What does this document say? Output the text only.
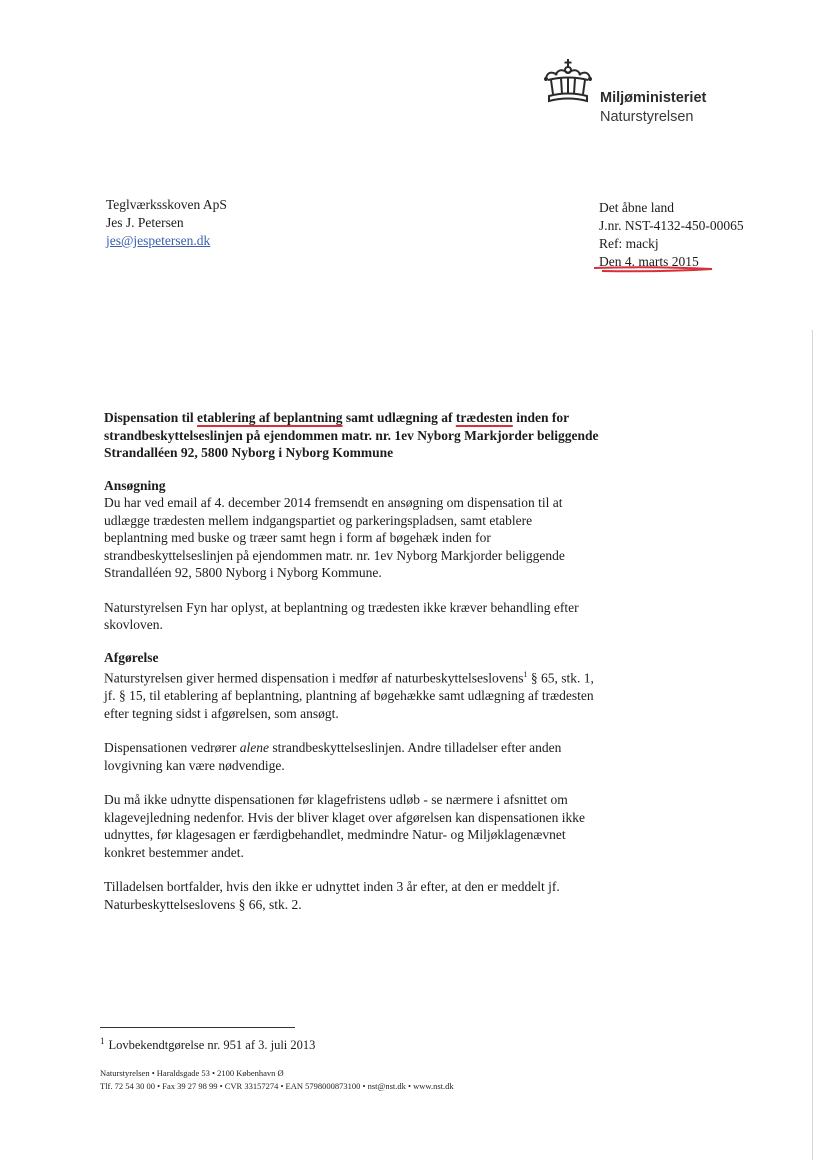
Miljøministeriet
Naturstyrelsen
Teglværksskoven ApS
Jes J. Petersen
jes@jespetersen.dk
Det åbne land
J.nr. NST-4132-450-00065
Ref: mackj
Den 4. marts 2015

Dispensation til etablering af beplantning samt udlægning af trædesten inden for strandbeskyttelseslinjen på ejendommen matr. nr. 1ev Nyborg Markjorder beliggende Strandalléen 92, 5800 Nyborg i Nyborg Kommune

Ansøgning

Du har ved email af 4. december 2014 fremsendt en ansøgning om dispensation til at udlægge trædesten mellem indgangspartiet og parkeringspladsen, samt etablere beplantning med buske og træer samt hegn i form af bøgehæk inden for strandbeskyttelseslinjen på ejendommen matr. nr. 1ev Nyborg Markjorder beliggende Strandalléen 92, 5800 Nyborg i Nyborg Kommune.

Naturstyrelsen Fyn har oplyst, at beplantning og trædesten ikke kræver behandling efter skovloven.

Afgørelse

Naturstyrelsen giver hermed dispensation i medfør af naturbeskyttelseslovens$^1$ § 65, stk. 1, jf. § 15, til etablering af beplantning, plantning af bøgehække samt udlægning af trædesten efter tegning sidst i afgørelsen, som ansøgt.

Dispensationen vedrører alene strandbeskyttelseslinjen. Andre tilladelser efter anden lovgivning kan være nødvendige.

Du må ikke udnytte dispensationen før klagefristens udløb - se nærmere i afsnittet om klagevejledning nedenfor. Hvis der bliver klaget over afgørelsen kan dispensationen ikke udnyttes, før klagesagen er færdigbehandlet, medmindre Natur- og Miljøklagenævnet konkret bestemmer andet.

Tilladelsen bortfalder, hvis den ikke er udnyttet inden 3 år efter, at den er meddelt jf. Naturbeskyttelseslovens § 66, stk. 2.

$^1$ Lovbekendtgørelse nr. 951 af 3. juli 2013
Naturstyrelsen • Haraldsgade 53 • 2100 København Ø
Tlf. 72 54 30 00 • Fax 39 27 98 99 • CVR 33157274 • EAN 5798000873100 • nst@nst.dk • www.nst.dk
